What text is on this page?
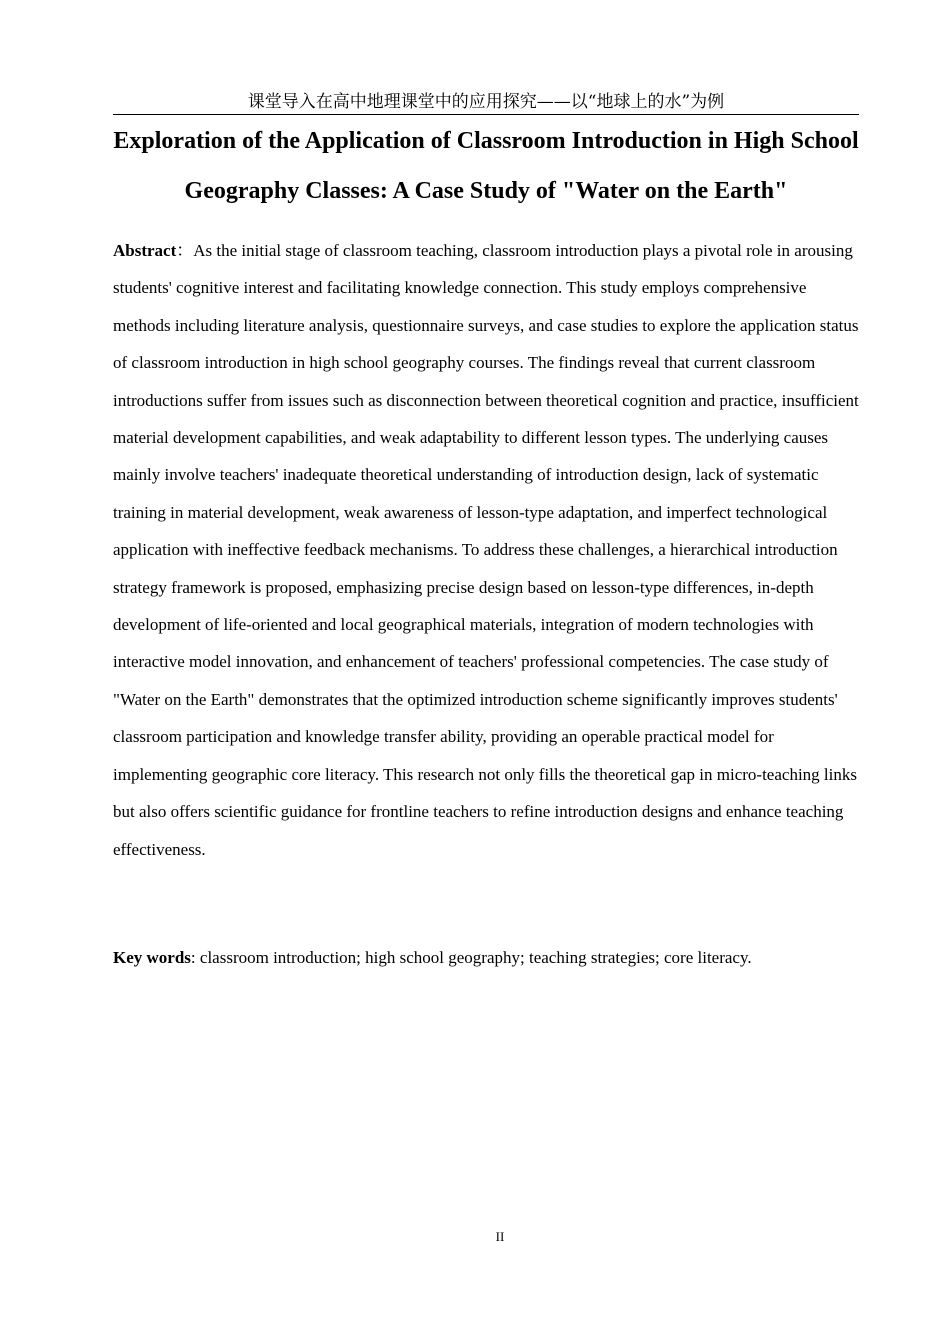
课堂导入在高中地理课堂中的应用探究——以“地球上的水”为例
Exploration of the Application of Classroom Introduction in High School Geography Classes: A Case Study of "Water on the Earth"

Abstract：As the initial stage of classroom teaching, classroom introduction plays a pivotal role in arousing students' cognitive interest and facilitating knowledge connection. This study employs comprehensive methods including literature analysis, questionnaire surveys, and case studies to explore the application status of classroom introduction in high school geography courses. The findings reveal that current classroom introductions suffer from issues such as disconnection between theoretical cognition and practice, insufficient material development capabilities, and weak adaptability to different lesson types. The underlying causes mainly involve teachers' inadequate theoretical understanding of introduction design, lack of systematic training in material development, weak awareness of lesson-type adaptation, and imperfect technological application with ineffective feedback mechanisms. To address these challenges, a hierarchical introduction strategy framework is proposed, emphasizing precise design based on lesson-type differences, in-depth development of life-oriented and local geographical materials, integration of modern technologies with interactive model innovation, and enhancement of teachers' professional competencies. The case study of "Water on the Earth" demonstrates that the optimized introduction scheme significantly improves students' classroom participation and knowledge transfer ability, providing an operable practical model for implementing geographic core literacy. This research not only fills the theoretical gap in micro-teaching links but also offers scientific guidance for frontline teachers to refine introduction designs and enhance teaching effectiveness.

Key words: classroom introduction; high school geography; teaching strategies; core literacy.

II
